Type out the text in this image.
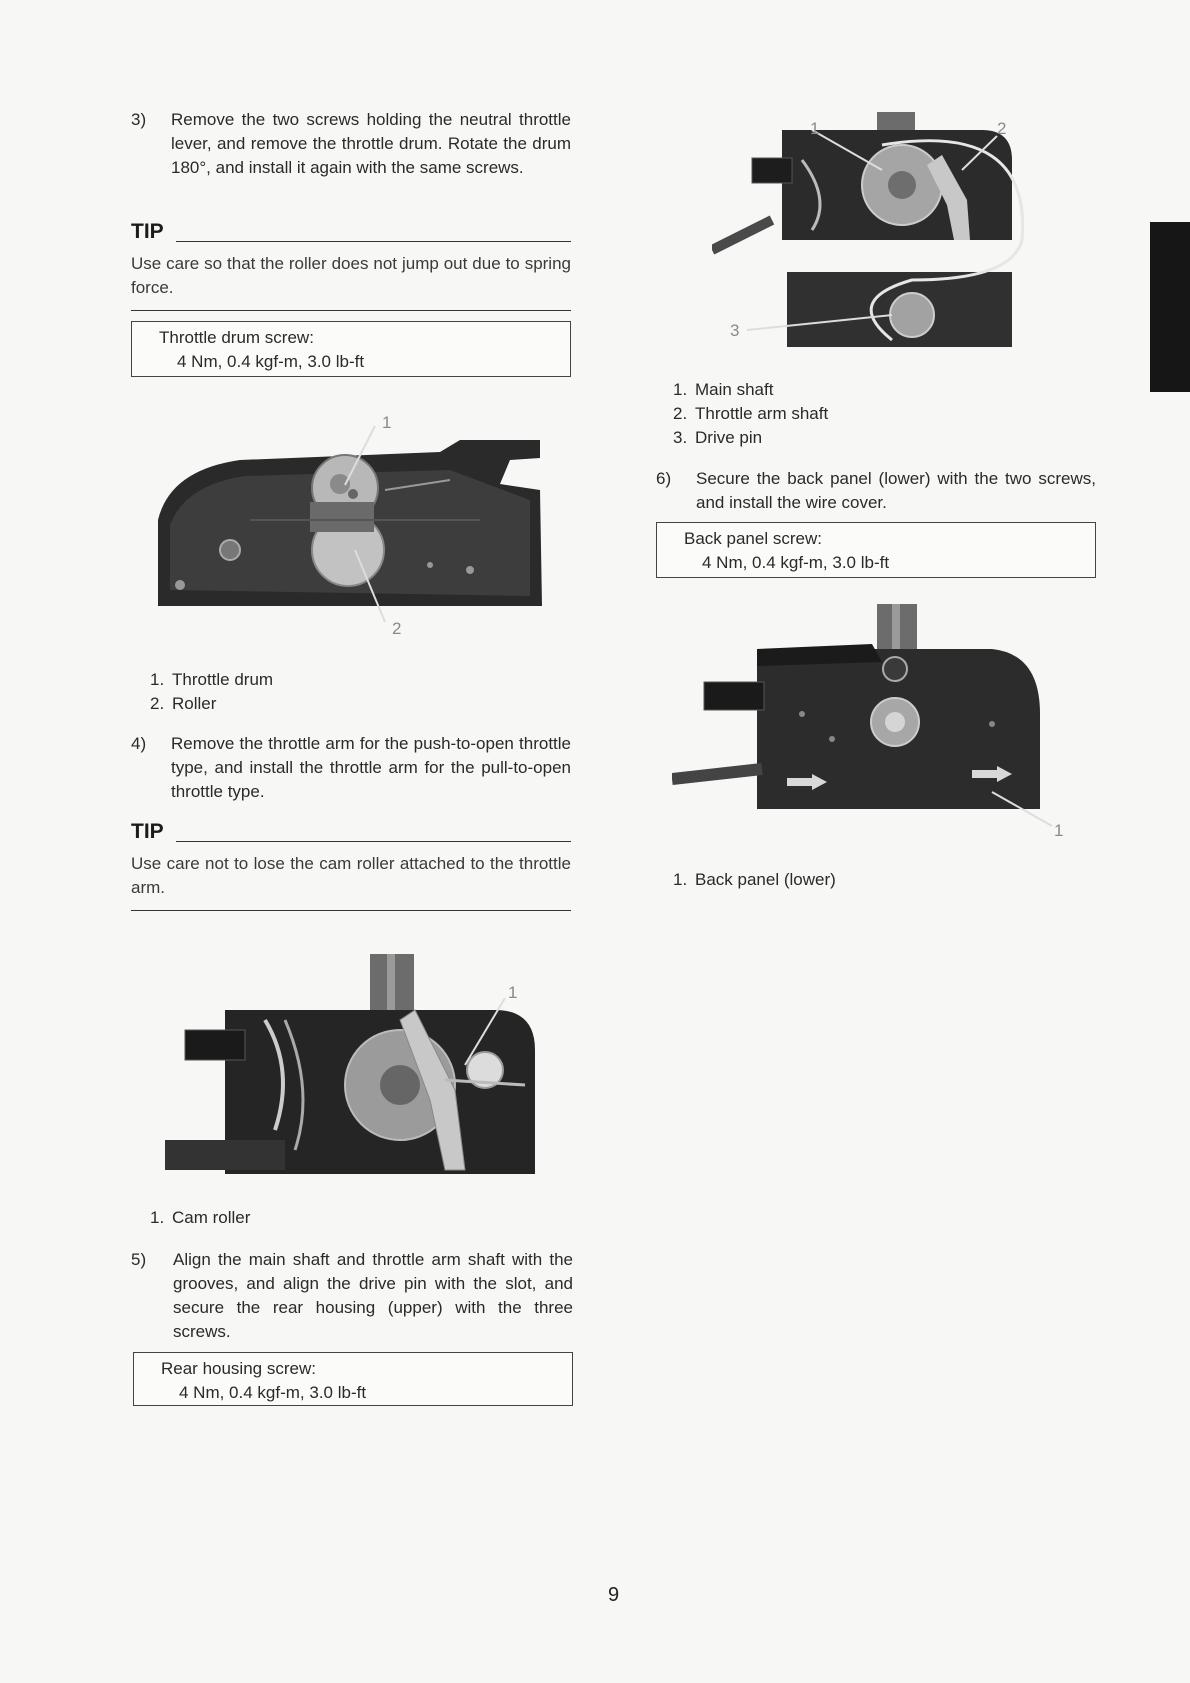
3) Remove the two screws holding the neutral throttle lever, and remove the throttle drum. Rotate the drum 180°, and install it again with the same screws.
TIP
Use care so that the roller does not jump out due to spring force.
Throttle drum screw:
4 Nm, 0.4 kgf-m, 3.0 lb-ft
1
2
1. Throttle drum
2. Roller
4) Remove the throttle arm for the push-to-open throttle type, and install the throttle arm for the pull-to-open throttle type.
TIP
Use care not to lose the cam roller attached to the throttle arm.
1
1. Cam roller
5) Align the main shaft and throttle arm shaft with the grooves, and align the drive pin with the slot, and secure the rear housing (upper) with the three screws.
Rear housing screw:
4 Nm, 0.4 kgf-m, 3.0 lb-ft
1	2
3
1. Main shaft
2. Throttle arm shaft
3. Drive pin
6) Secure the back panel (lower) with the two screws, and install the wire cover.
Back panel screw:
4 Nm, 0.4 kgf-m, 3.0 lb-ft
1
1. Back panel (lower)
9
